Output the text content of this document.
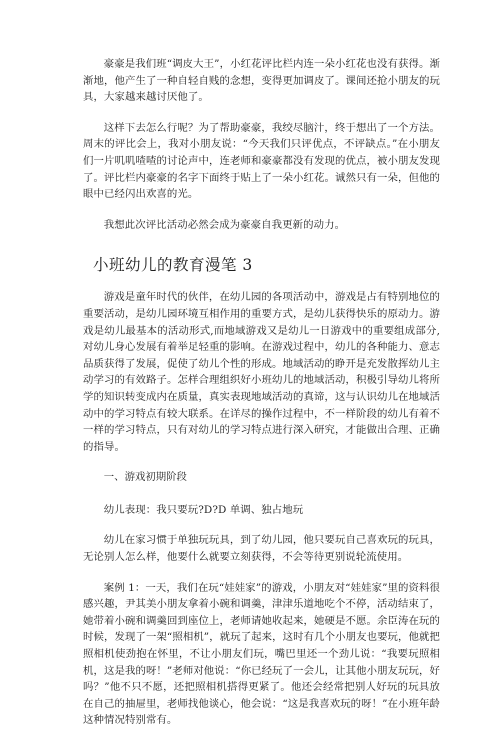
豪豪是我们班“调皮大王”，小红花评比栏内连一朵小红花也没有获得。渐渐地，他产生了一种自轻自贱的念想，变得更加调皮了。课间还抢小朋友的玩具，大家越来越讨厌他了。

这样下去怎么行呢？为了帮助豪豪，我绞尽脑汁，终于想出了一个方法。周末的评比会上，我对小朋友说：“今天我们只评优点，不评缺点。”在小朋友们一片叽叽喳喳的讨论声中，连老师和豪豪都没有发现的优点，被小朋友发现了。评比栏内豪豪的名字下面终于贴上了一朵小红花。诚然只有一朵，但他的眼中已经闪出欢喜的光。

我想此次评比活动必然会成为豪豪自我更新的动力。

小班幼儿的教育漫笔 3

游戏是童年时代的伙伴，在幼儿园的各项活动中，游戏是占有特别地位的重要活动，是幼儿园环境互相作用的重要方式，是幼儿获得快乐的原动力。游戏是幼儿最基本的活动形式,而地域游戏又是幼儿一日游戏中的重要组成部分,对幼儿身心发展有着举足轻重的影响。在游戏过程中，幼儿的各种能力、意志品质获得了发展，促使了幼儿个性的形成。地域活动的睁开是充发散挥幼儿主动学习的有效路子。怎样合理组织好小班幼儿的地域活动，积极引导幼儿将所学的知识转变成内在质量，真实表现地域活动的真谛，这与认识幼儿在地域活动中的学习特点有较大联系。在详尽的操作过程中，不一样阶段的幼儿有着不一样的学习特点，只有对幼儿的学习特点进行深入研究，才能做出合理、正确的指导。

一、游戏初期阶段

幼儿表现：我只要玩?D?D 单调、独占地玩

幼儿在家习惯于单独玩玩具，到了幼儿园，他只要玩自己喜欢玩的玩具，无论别人怎么样，他要什么就要立刻获得，不会等待更别说轮流使用。

案例 1：一天，我们在玩“娃娃家”的游戏，小朋友对“娃娃家”里的资料很感兴趣，尹其美小朋友拿着小碗和调羹，津津乐道地吃个不停，活动结束了，她带着小碗和调羹回到座位上，老师请她收起来，她硬是不愿。余臣涛在玩的时候，发现了一架“照相机”，就玩了起来，这时有几个小朋友也要玩，他就把照相机使劲抱在怀里，不让小朋友们玩，嘴巴里还一个劲儿说：“我要玩照相机，这是我的呀！”老师对他说：“你已经玩了一会儿，让其他小朋友玩玩，好吗？”他不只不愿，还把照相机搭得更紧了。他还会经常把别人好玩的玩具放在自己的抽屉里，老师找他谈心，他会说：“这是我喜欢玩的呀！”在小班年龄这种情况特别常有。
